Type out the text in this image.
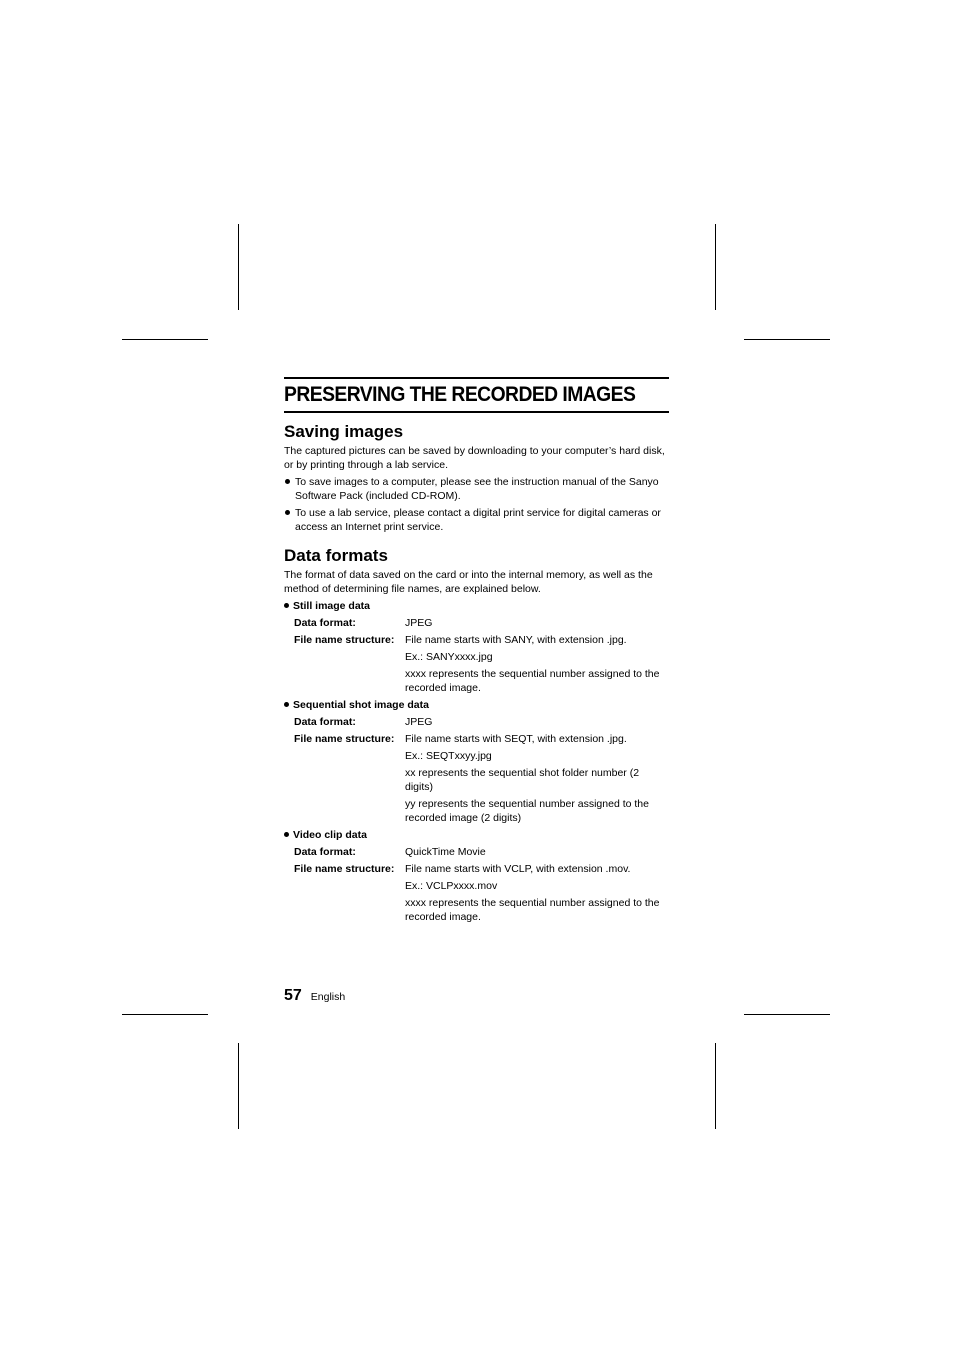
PRESERVING THE RECORDED IMAGES
Saving images

The captured pictures can be saved by downloading to your computer’s hard disk, or by printing through a lab service.

To save images to a computer, please see the instruction manual of the Sanyo Software Pack (included CD-ROM).
To use a lab service, please contact a digital print service for digital cameras or access an Internet print service.
Data formats

The format of data saved on the card or into the internal memory, as well as the method of determining file names, are explained below.

Still image data
Data format:	JPEG
File name structure:	File name starts with SANY, with extension .jpg.
Ex.: SANYxxxx.jpg
xxxx represents the sequential number assigned to the recorded image.
Sequential shot image data
Data format:	JPEG
File name structure:	File name starts with SEQT, with extension .jpg.
Ex.: SEQTxxyy.jpg
xx represents the sequential shot folder number (2 digits)
yy represents the sequential number assigned to the recorded image (2 digits)
Video clip data
Data format:	QuickTime Movie
File name structure:	File name starts with VCLP, with extension .mov.
Ex.: VCLPxxxx.mov
xxxx represents the sequential number assigned to the recorded image.
57 English
